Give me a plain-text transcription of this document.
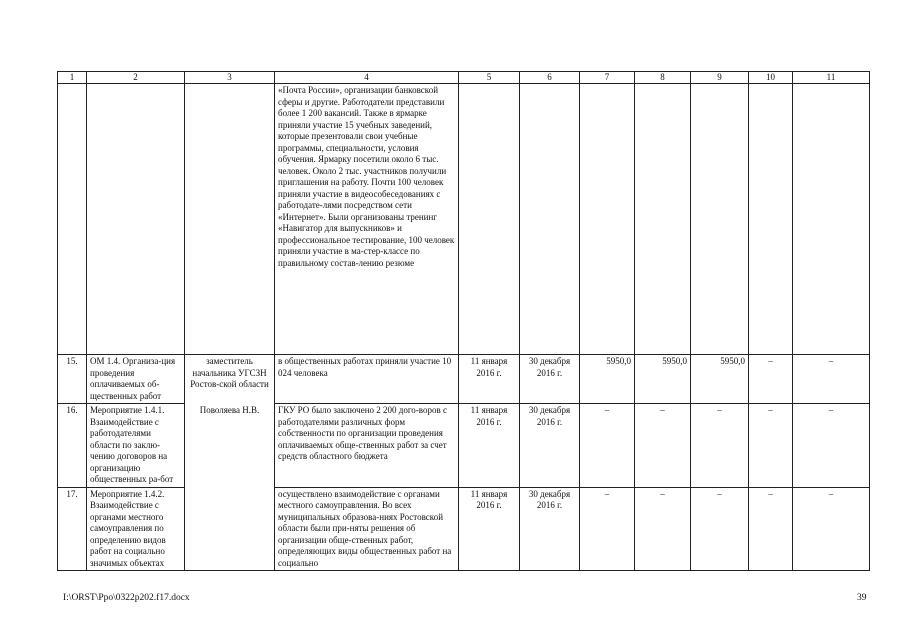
1	2	3	4	5	6	7	8	9	10	11
			«Почта России», организации банковской сферы и другие. Работодатели представили более 1 200 вакансий. Также в ярмарке приняли участие 15 учебных заведений, которые презентовали свои учебные программы, специальности, условия обучения. Ярмарку посетили около 6 тыс. человек. Около 2 тыс. участников получили приглашения на работу. Почти 100 человек приняли участие в видеособеседованиях с работодате-лями посредством сети «Интернет». Были организованы тренинг «Навигатор для выпускников» и профессиональное тестирование, 100 человек приняли участие в ма-стер-классе по правильному состав-лению резюме							
15.	ОМ 1.4. Организа-ция проведения оплачиваемых об-щественных работ	заместитель начальника УГСЗН Ростов-ской области	в общественных работах приняли участие 10 024 человека	11 января 2016 г.	30 декабря 2016 г.	5950,0	5950,0	5950,0	–	–
16.	Мероприятие 1.4.1. Взаимодействие с работодателями области по заклю-чению договоров на организацию общественных ра-бот	Поволяева Н.В.	ГКУ РО было заключено 2 200 дого-воров с работодателями различных форм собственности по организации проведения оплачиваемых обще-ственных работ за счет средств областного бюджета	11 января 2016 г.	30 декабря 2016 г.	–	–	–	–	–
17.	Мероприятие 1.4.2. Взаимодействие с органами местного самоуправления по определению видов работ на социально значимых объектах		осуществлено взаимодействие с органами местного самоуправления. Во всех муниципальных образова-ниях Ростовской области были при-няты решения об организации обще-ственных работ, определяющих виды общественных работ на социально	11 января 2016 г.	30 декабря 2016 г.	–	–	–	–	–
I:\ORST\Ppo\0322p202.f17.docx	39
